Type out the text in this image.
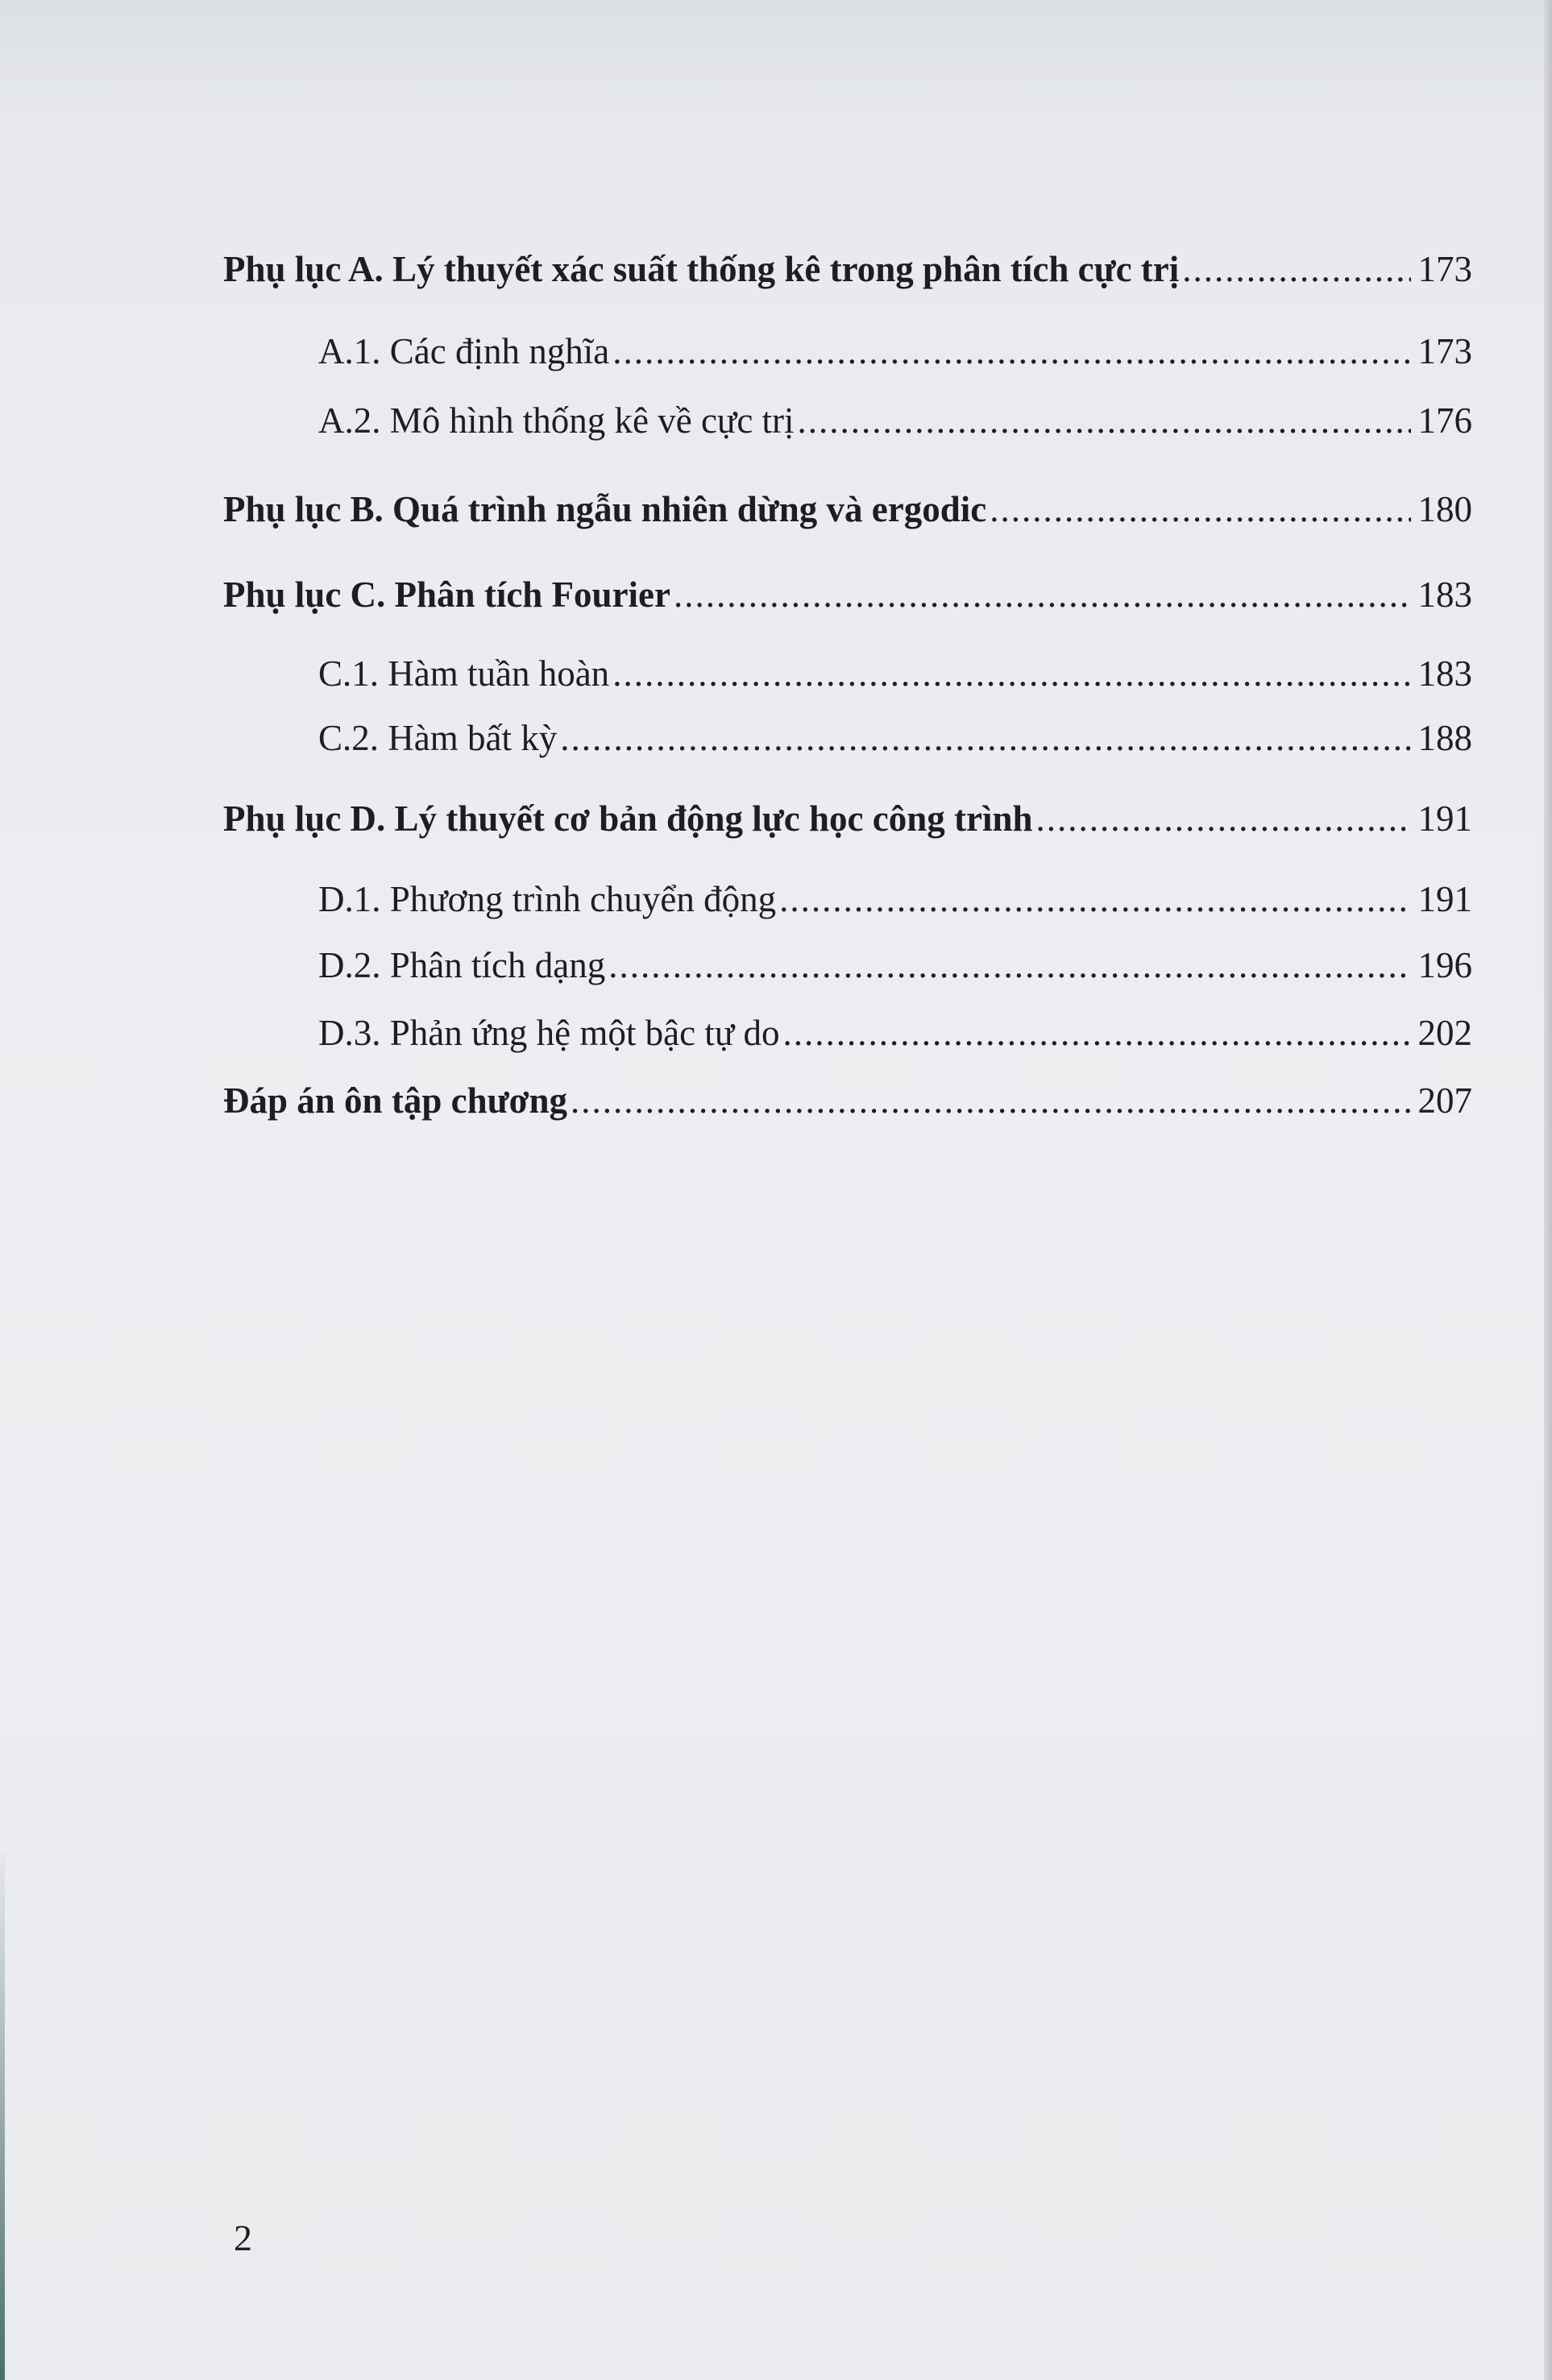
Phụ lục A. Lý thuyết xác suất thống kê trong phân tích cực trị .....	173
A.1. Các định nghĩa .....	173
A.2. Mô hình thống kê về cực trị .....	176
Phụ lục B. Quá trình ngẫu nhiên dừng và ergodic .....	180
Phụ lục C. Phân tích Fourier .....	183
C.1. Hàm tuần hoàn .....	183
C.2. Hàm bất kỳ .....	188
Phụ lục D. Lý thuyết cơ bản động lực học công trình .....	191
D.1. Phương trình chuyển động .....	191
D.2. Phân tích dạng .....	196
D.3. Phản ứng hệ một bậc tự do .....	202
Đáp án ôn tập chương .....	207
2
